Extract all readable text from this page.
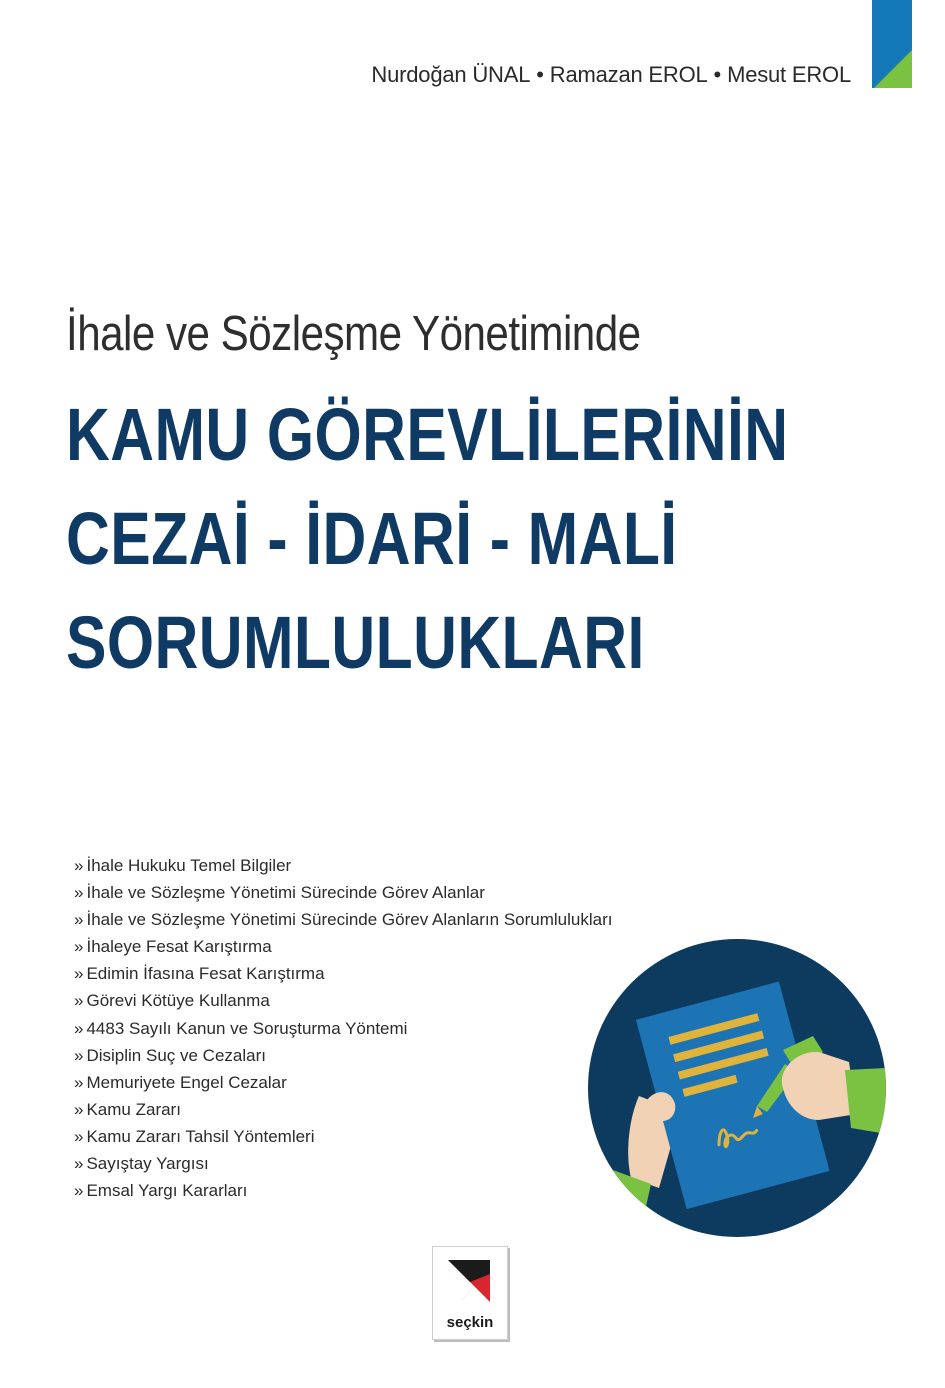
Nurdoğan ÜNAL • Ramazan EROL • Mesut EROL
İhale ve Sözleşme Yönetiminde
KAMU GÖREVLİLERİNİN
CEZAİ - İDARİ - MALİ
SORUMLULUKLARI
» İhale Hukuku Temel Bilgiler
» İhale ve Sözleşme Yönetimi Sürecinde Görev Alanlar
» İhale ve Sözleşme Yönetimi Sürecinde Görev Alanların Sorumlulukları
» İhaleye Fesat Karıştırma
» Edimin İfasına Fesat Karıştırma
» Görevi Kötüye Kullanma
» 4483 Sayılı Kanun ve Soruşturma Yöntemi
» Disiplin Suç ve Cezaları
» Memuriyete Engel Cezalar
» Kamu Zararı
» Kamu Zararı Tahsil Yöntemleri
» Sayıştay Yargısı
» Emsal Yargı Kararları
seçkin
